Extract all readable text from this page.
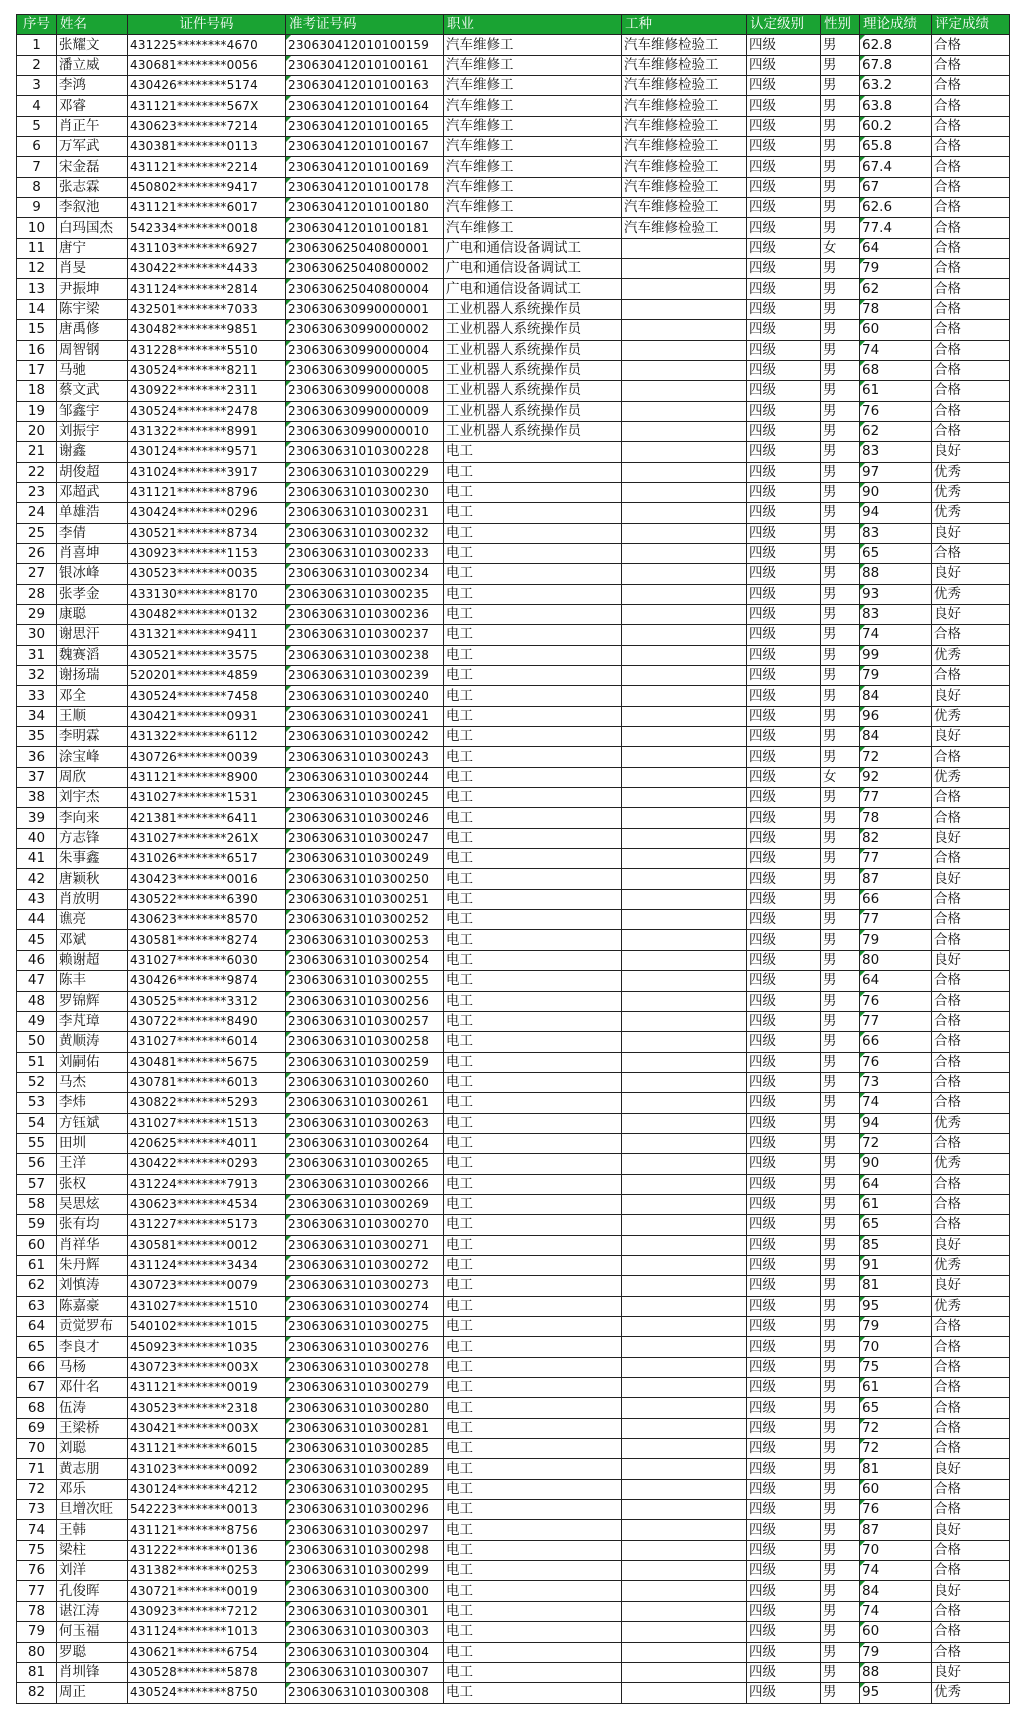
序号	姓名	证件号码	准考证号码	职业	工种	认定级别	性别	理论成绩	评定成绩
1	张耀文	431225********4670	230630412010100159	汽车维修工	汽车维修检验工	四级	男	62.8	合格
2	潘立威	430681********0056	230630412010100161	汽车维修工	汽车维修检验工	四级	男	67.8	合格
3	李鸿	430426********5174	230630412010100163	汽车维修工	汽车维修检验工	四级	男	63.2	合格
4	邓睿	431121********567X	230630412010100164	汽车维修工	汽车维修检验工	四级	男	63.8	合格
5	肖正午	430623********7214	230630412010100165	汽车维修工	汽车维修检验工	四级	男	60.2	合格
6	万军武	430381********0113	230630412010100167	汽车维修工	汽车维修检验工	四级	男	65.8	合格
7	宋金磊	431121********2214	230630412010100169	汽车维修工	汽车维修检验工	四级	男	67.4	合格
8	张志霖	450802********9417	230630412010100178	汽车维修工	汽车维修检验工	四级	男	67	合格
9	李叙池	431121********6017	230630412010100180	汽车维修工	汽车维修检验工	四级	男	62.6	合格
10	白玛国杰	542334********0018	230630412010100181	汽车维修工	汽车维修检验工	四级	男	77.4	合格
11	唐宁	431103********6927	230630625040800001	广电和通信设备调试工		四级	女	64	合格
12	肖旻	430422********4433	230630625040800002	广电和通信设备调试工		四级	男	79	合格
13	尹振坤	431124********2814	230630625040800004	广电和通信设备调试工		四级	男	62	合格
14	陈宇梁	432501********7033	230630630990000001	工业机器人系统操作员		四级	男	78	合格
15	唐禹修	430482********9851	230630630990000002	工业机器人系统操作员		四级	男	60	合格
16	周智钢	431228********5510	230630630990000004	工业机器人系统操作员		四级	男	74	合格
17	马驰	430524********8211	230630630990000005	工业机器人系统操作员		四级	男	68	合格
18	蔡文武	430922********2311	230630630990000008	工业机器人系统操作员		四级	男	61	合格
19	邹鑫宇	430524********2478	230630630990000009	工业机器人系统操作员		四级	男	76	合格
20	刘振宇	431322********8991	230630630990000010	工业机器人系统操作员		四级	男	62	合格
21	谢鑫	430124********9571	230630631010300228	电工		四级	男	83	良好
22	胡俊超	431024********3917	230630631010300229	电工		四级	男	97	优秀
23	邓超武	431121********8796	230630631010300230	电工		四级	男	90	优秀
24	单雄浩	430424********0296	230630631010300231	电工		四级	男	94	优秀
25	李倩	430521********8734	230630631010300232	电工		四级	男	83	良好
26	肖喜坤	430923********1153	230630631010300233	电工		四级	男	65	合格
27	银冰峰	430523********0035	230630631010300234	电工		四级	男	88	良好
28	张孝金	433130********8170	230630631010300235	电工		四级	男	93	优秀
29	康聪	430482********0132	230630631010300236	电工		四级	男	83	良好
30	谢思汗	431321********9411	230630631010300237	电工		四级	男	74	合格
31	魏赛滔	430521********3575	230630631010300238	电工		四级	男	99	优秀
32	谢扬瑞	520201********4859	230630631010300239	电工		四级	男	79	合格
33	邓全	430524********7458	230630631010300240	电工		四级	男	84	良好
34	王顺	430421********0931	230630631010300241	电工		四级	男	96	优秀
35	李明霖	431322********6112	230630631010300242	电工		四级	男	84	良好
36	涂宝峰	430726********0039	230630631010300243	电工		四级	男	72	合格
37	周欣	431121********8900	230630631010300244	电工		四级	女	92	优秀
38	刘宇杰	431027********1531	230630631010300245	电工		四级	男	77	合格
39	李向来	421381********6411	230630631010300246	电工		四级	男	78	合格
40	方志锋	431027********261X	230630631010300247	电工		四级	男	82	良好
41	朱事鑫	431026********6517	230630631010300249	电工		四级	男	77	合格
42	唐颖秋	430423********0016	230630631010300250	电工		四级	男	87	良好
43	肖放明	430522********6390	230630631010300251	电工		四级	男	66	合格
44	谯亮	430623********8570	230630631010300252	电工		四级	男	77	合格
45	邓斌	430581********8274	230630631010300253	电工		四级	男	79	合格
46	赖谢超	431027********6030	230630631010300254	电工		四级	男	80	良好
47	陈丰	430426********9874	230630631010300255	电工		四级	男	64	合格
48	罗锦辉	430525********3312	230630631010300256	电工		四级	男	76	合格
49	李芃璋	430722********8490	230630631010300257	电工		四级	男	77	合格
50	黄顺涛	431027********6014	230630631010300258	电工		四级	男	66	合格
51	刘嗣佑	430481********5675	230630631010300259	电工		四级	男	76	合格
52	马杰	430781********6013	230630631010300260	电工		四级	男	73	合格
53	李炜	430822********5293	230630631010300261	电工		四级	男	74	合格
54	方钰斌	431027********1513	230630631010300263	电工		四级	男	94	优秀
55	田圳	420625********4011	230630631010300264	电工		四级	男	72	合格
56	王洋	430422********0293	230630631010300265	电工		四级	男	90	优秀
57	张权	431224********7913	230630631010300266	电工		四级	男	64	合格
58	吴思炫	430623********4534	230630631010300269	电工		四级	男	61	合格
59	张有均	431227********5173	230630631010300270	电工		四级	男	65	合格
60	肖祥华	430581********0012	230630631010300271	电工		四级	男	85	良好
61	朱丹辉	431124********3434	230630631010300272	电工		四级	男	91	优秀
62	刘慎涛	430723********0079	230630631010300273	电工		四级	男	81	良好
63	陈嘉豪	431027********1510	230630631010300274	电工		四级	男	95	优秀
64	贡觉罗布	540102********1015	230630631010300275	电工		四级	男	79	合格
65	李良才	450923********1035	230630631010300276	电工		四级	男	70	合格
66	马杨	430723********003X	230630631010300278	电工		四级	男	75	合格
67	邓什名	431121********0019	230630631010300279	电工		四级	男	61	合格
68	伍涛	430523********2318	230630631010300280	电工		四级	男	65	合格
69	王梁桥	430421********003X	230630631010300281	电工		四级	男	72	合格
70	刘聪	431121********6015	230630631010300285	电工		四级	男	72	合格
71	黄志朋	431023********0092	230630631010300289	电工		四级	男	81	良好
72	邓乐	430124********4212	230630631010300295	电工		四级	男	60	合格
73	旦增次旺	542223********0013	230630631010300296	电工		四级	男	76	合格
74	王韩	431121********8756	230630631010300297	电工		四级	男	87	良好
75	梁柱	431222********0136	230630631010300298	电工		四级	男	70	合格
76	刘洋	431382********0253	230630631010300299	电工		四级	男	74	合格
77	孔俊晖	430721********0019	230630631010300300	电工		四级	男	84	良好
78	谌江涛	430923********7212	230630631010300301	电工		四级	男	74	合格
79	何玉福	431124********1013	230630631010300303	电工		四级	男	60	合格
80	罗聪	430621********6754	230630631010300304	电工		四级	男	79	合格
81	肖圳锋	430528********5878	230630631010300307	电工		四级	男	88	良好
82	周正	430524********8750	230630631010300308	电工		四级	男	95	优秀
